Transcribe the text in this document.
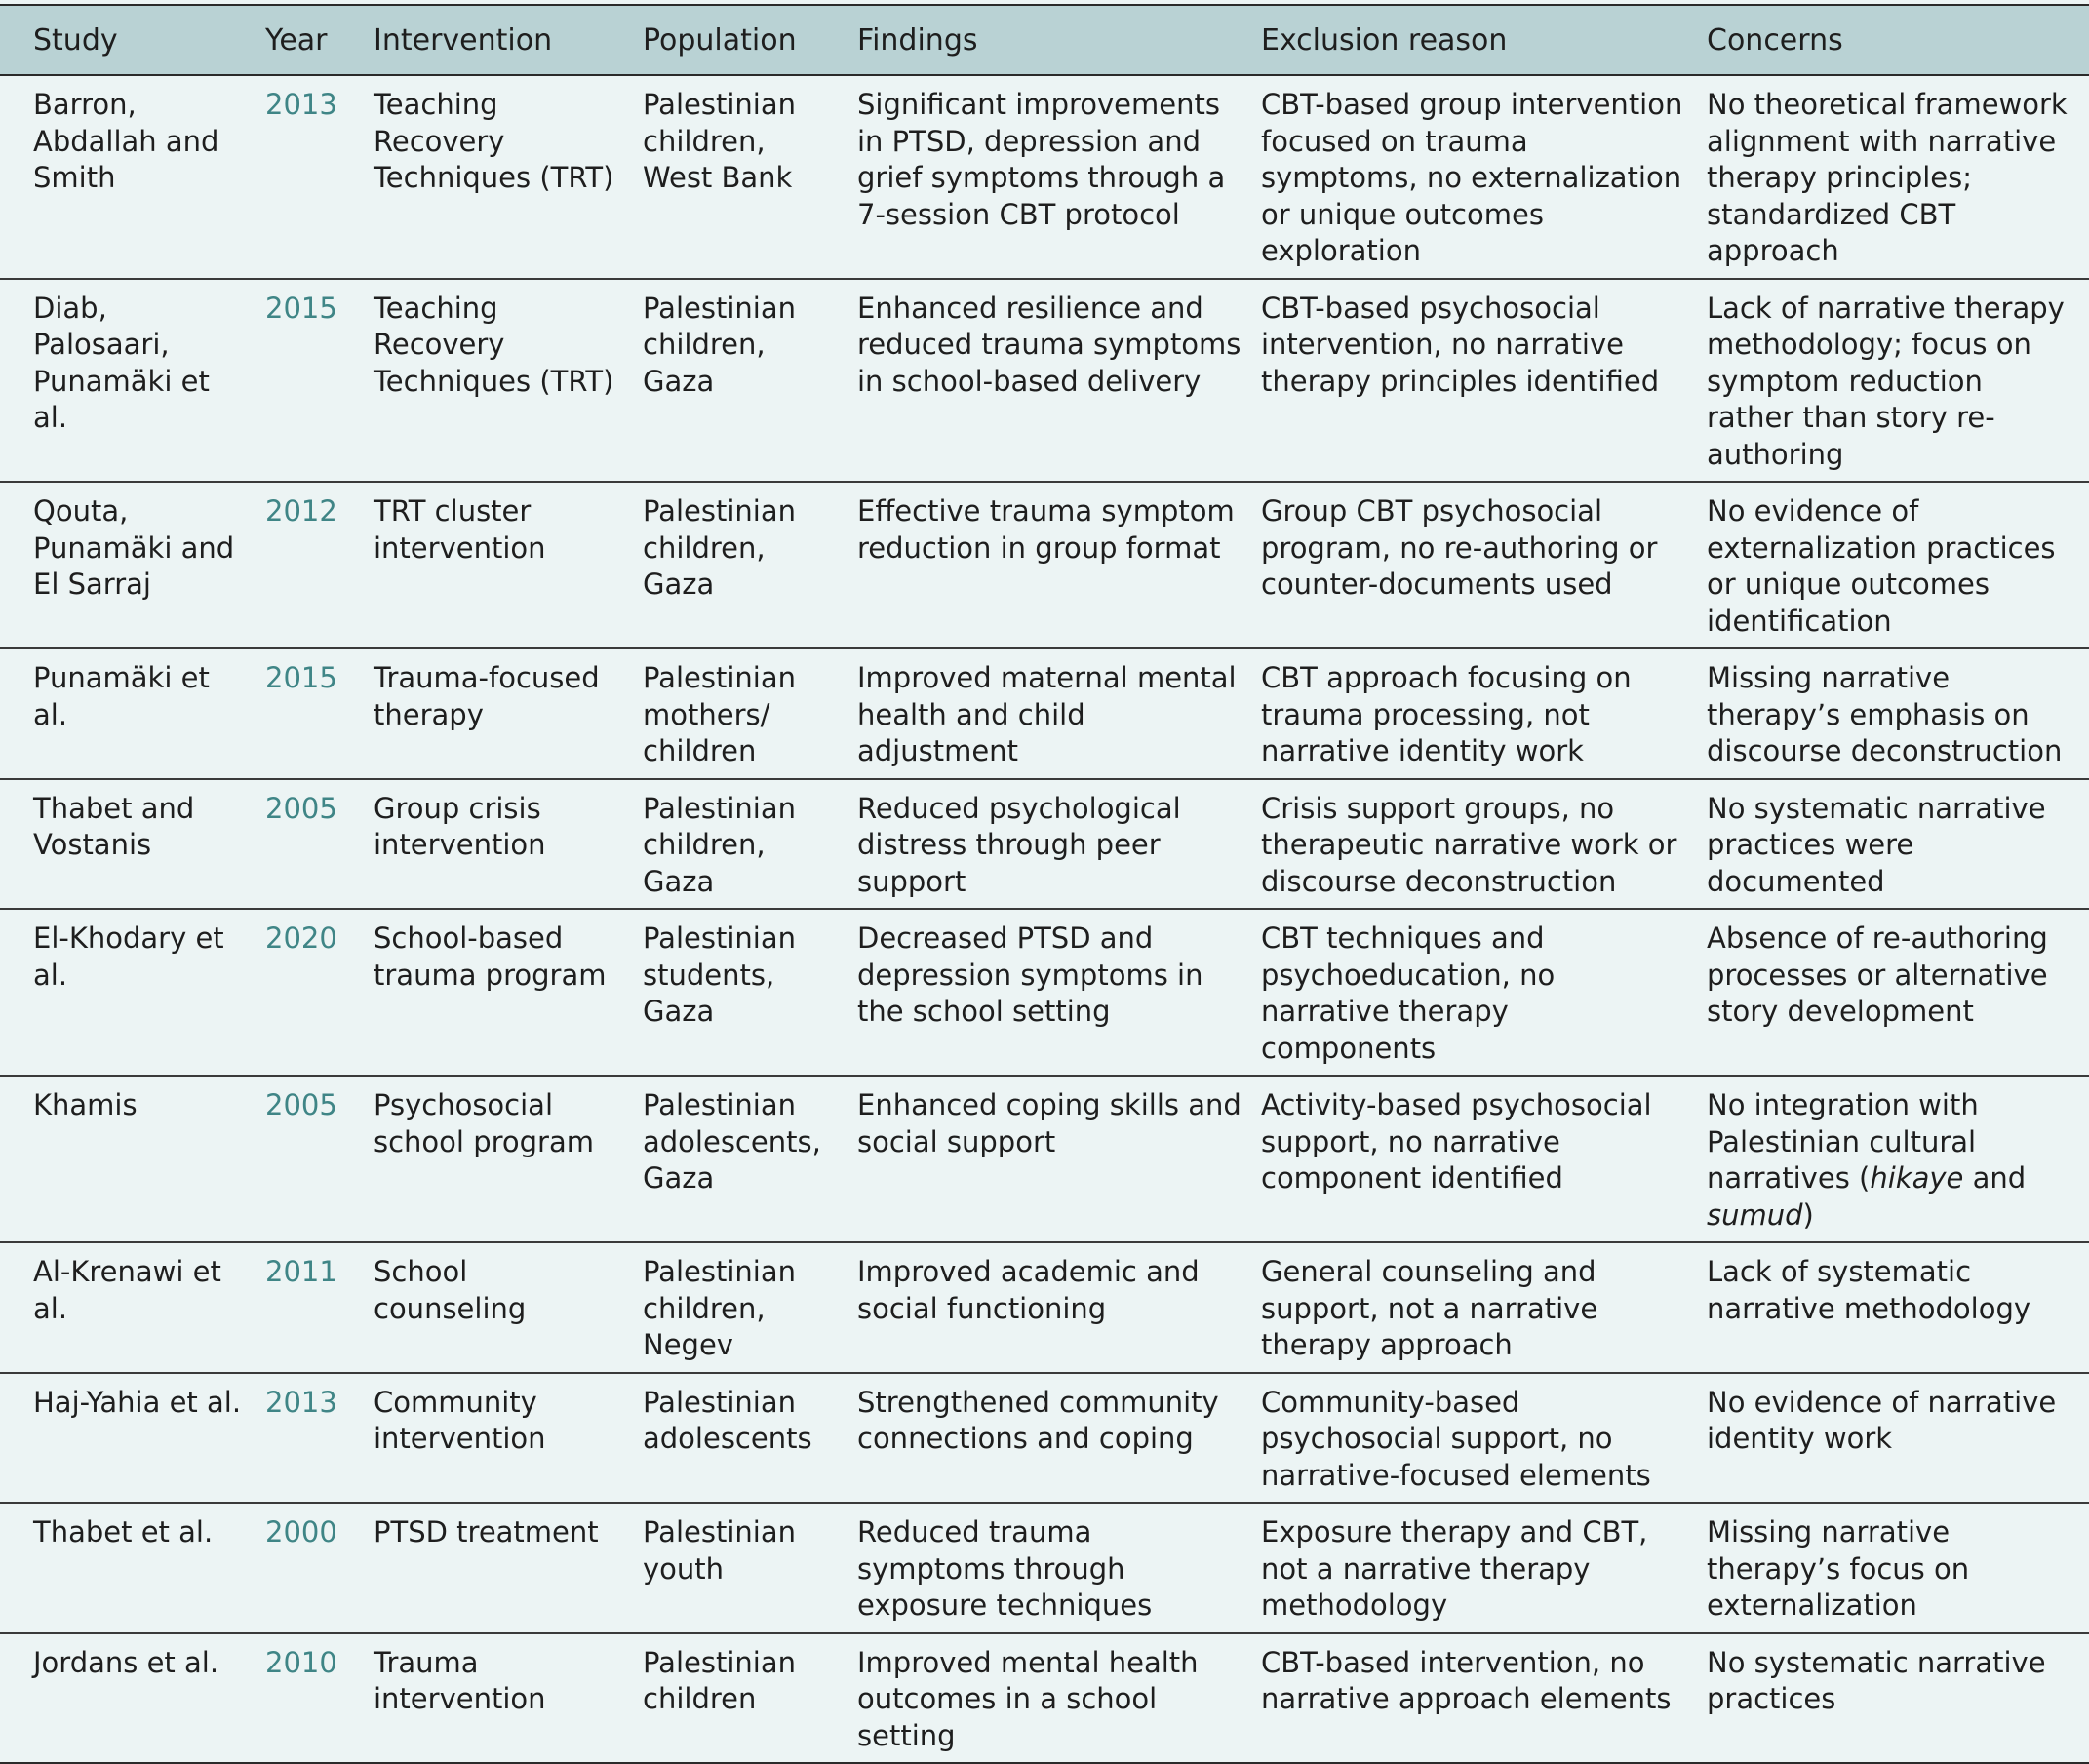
Study	Year	Intervention	Population	Findings	Exclusion reason	Concerns

Barron, Abdallah and Smith	2013	Teaching Recovery Techniques (TRT)	Palestinian children, West Bank	Significant improvements in PTSD, depression and grief symptoms through a 7-session CBT protocol	CBT-based group intervention focused on trauma symptoms, no externalization or unique outcomes exploration	No theoretical framework alignment with narrative therapy principles; standardized CBT approach

Diab, Palosaari, Punamäki et al.	2015	Teaching Recovery Techniques (TRT)	Palestinian children, Gaza	Enhanced resilience and reduced trauma symptoms in school-based delivery	CBT-based psychosocial intervention, no narrative therapy principles identified	Lack of narrative therapy methodology; focus on symptom reduction rather than story re-authoring

Qouta, Punamäki and El Sarraj	2012	TRT cluster intervention	Palestinian children, Gaza	Effective trauma symptom reduction in group format	Group CBT psychosocial program, no re-authoring or counter-documents used	No evidence of externalization practices or unique outcomes identification

Punamäki et al.	2015	Trauma-focused therapy	Palestinian mothers/ children	Improved maternal mental health and child adjustment	CBT approach focusing on trauma processing, not narrative identity work	Missing narrative therapy’s emphasis on discourse deconstruction

Thabet and Vostanis	2005	Group crisis intervention	Palestinian children, Gaza	Reduced psychological distress through peer support	Crisis support groups, no therapeutic narrative work or discourse deconstruction	No systematic narrative practices were documented

El-Khodary et al.	2020	School-based trauma program	Palestinian students, Gaza	Decreased PTSD and depression symptoms in the school setting	CBT techniques and psychoeducation, no narrative therapy components	Absence of re-authoring processes or alternative story development

Khamis	2005	Psychosocial school program	Palestinian adolescents, Gaza	Enhanced coping skills and social support	Activity-based psychosocial support, no narrative component identified	No integration with Palestinian cultural narratives (hikaye and sumud)

Al-Krenawi et al.	2011	School counseling	Palestinian children, Negev	Improved academic and social functioning	General counseling and support, not a narrative therapy approach	Lack of systematic narrative methodology

Haj-Yahia et al.	2013	Community intervention	Palestinian adolescents	Strengthened community connections and coping	Community-based psychosocial support, no narrative-focused elements	No evidence of narrative identity work

Thabet et al.	2000	PTSD treatment	Palestinian youth	Reduced trauma symptoms through exposure techniques	Exposure therapy and CBT, not a narrative therapy methodology	Missing narrative therapy’s focus on externalization

Jordans et al.	2010	Trauma intervention	Palestinian children	Improved mental health outcomes in a school setting	CBT-based intervention, no narrative approach elements	No systematic narrative practices
